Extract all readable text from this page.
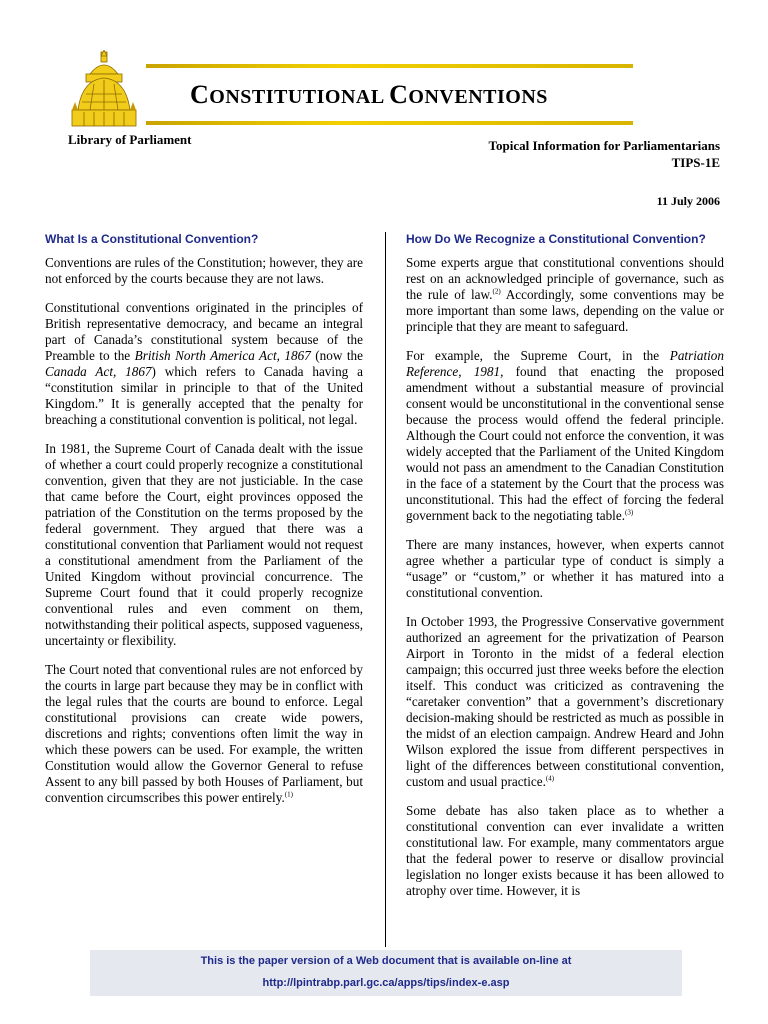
CONSTITUTIONAL CONVENTIONS
Library of Parliament	Topical Information for Parliamentarians
TIPS-1E
11 July 2006
What Is a Constitutional Convention?

Conventions are rules of the Constitution; however, they are not enforced by the courts because they are not laws.

Constitutional conventions originated in the principles of British representative democracy, and became an integral part of Canada’s constitutional system because of the Preamble to the British North America Act, 1867 (now the Canada Act, 1867) which refers to Canada having a “constitution similar in principle to that of the United Kingdom.” It is generally accepted that the penalty for breaching a constitutional convention is political, not legal.

In 1981, the Supreme Court of Canada dealt with the issue of whether a court could properly recognize a constitutional convention, given that they are not justiciable. In the case that came before the Court, eight provinces opposed the patriation of the Constitution on the terms proposed by the federal government. They argued that there was a constitutional convention that Parliament would not request a constitutional amendment from the Parliament of the United Kingdom without provincial concurrence. The Supreme Court found that it could properly recognize conventional rules and even comment on them, notwithstanding their political aspects, supposed vagueness, uncertainty or flexibility.

The Court noted that conventional rules are not enforced by the courts in large part because they may be in conflict with the legal rules that the courts are bound to enforce. Legal constitutional provisions can create wide powers, discretions and rights; conventions often limit the way in which these powers can be used. For example, the written Constitution would allow the Governor General to refuse Assent to any bill passed by both Houses of Parliament, but convention circumscribes this power entirely.$^{(1)}$

How Do We Recognize a Constitutional Convention?

Some experts argue that constitutional conventions should rest on an acknowledged principle of governance, such as the rule of law.$^{(2)}$ Accordingly, some conventions may be more important than some laws, depending on the value or principle that they are meant to safeguard.

For example, the Supreme Court, in the Patriation Reference, 1981, found that enacting the proposed amendment without a substantial measure of provincial consent would be unconstitutional in the conventional sense because the process would offend the federal principle. Although the Court could not enforce the convention, it was widely accepted that the Parliament of the United Kingdom would not pass an amendment to the Canadian Constitution in the face of a statement by the Court that the process was unconstitutional. This had the effect of forcing the federal government back to the negotiating table.$^{(3)}$

There are many instances, however, when experts cannot agree whether a particular type of conduct is simply a “usage” or “custom,” or whether it has matured into a constitutional convention.

In October 1993, the Progressive Conservative government authorized an agreement for the privatization of Pearson Airport in Toronto in the midst of a federal election campaign; this occurred just three weeks before the election itself. This conduct was criticized as contravening the “caretaker convention” that a government’s discretionary decision-making should be restricted as much as possible in the midst of an election campaign. Andrew Heard and John Wilson explored the issue from different perspectives in light of the differences between constitutional convention, custom and usual practice.$^{(4)}$

Some debate has also taken place as to whether a constitutional convention can ever invalidate a written constitutional law. For example, many commentators argue that the federal power to reserve or disallow provincial legislation no longer exists because it has been allowed to atrophy over time. However, it is

This is the paper version of a Web document that is available on-line at
http://lpintrabp.parl.gc.ca/apps/tips/index-e.asp
